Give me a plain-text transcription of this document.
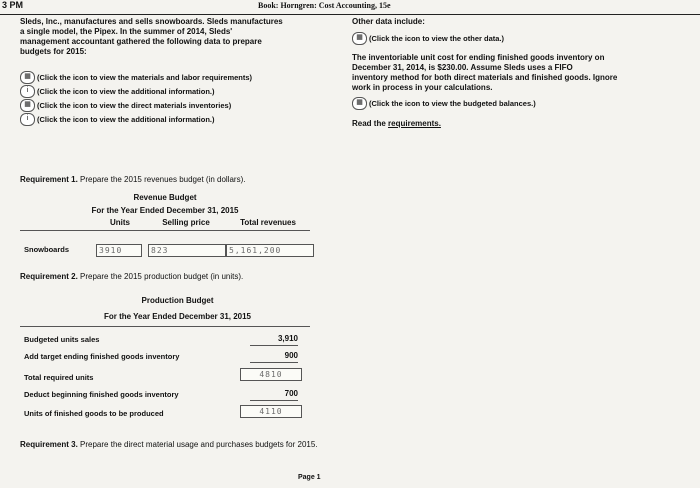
3 PM	Book: Horngren: Cost Accounting, 15e
Sleds, Inc., manufactures and sells snowboards. Sleds manufactures
a single model, the Pipex. In the summer of 2014, Sleds'
management accountant gathered the following data to prepare
budgets for 2015:
▦ (Click the icon to view the materials and labor requirements)
i	(Click the icon to view the additional information.)
▦ (Click the icon to view the direct materials inventories)
i	(Click the icon to view the additional information.)
Other data include:
▦ (Click the icon to view the other data.)
The inventoriable unit cost for ending finished goods inventory on
December 31, 2014, is $230.00. Assume Sleds uses a FIFO
inventory method for both direct materials and finished goods. Ignore
work in process in your calculations.
▦ (Click the icon to view the budgeted balances.)
Read the requirements.
Requirement 1. Prepare the 2015 revenues budget (in dollars).
Revenue Budget
For the Year Ended December 31, 2015
Units	Selling price	Total revenues
Snowboards	3910	823	5,161,200
Requirement 2. Prepare the 2015 production budget (in units).
Production Budget
For the Year Ended December 31, 2015
Budgeted units sales	3,910
Add target ending finished goods inventory	900
Total required units	4810
Deduct beginning finished goods inventory	700
Units of finished goods to be produced	4110
Requirement 3. Prepare the direct material usage and purchases budgets for 2015.
Page 1
